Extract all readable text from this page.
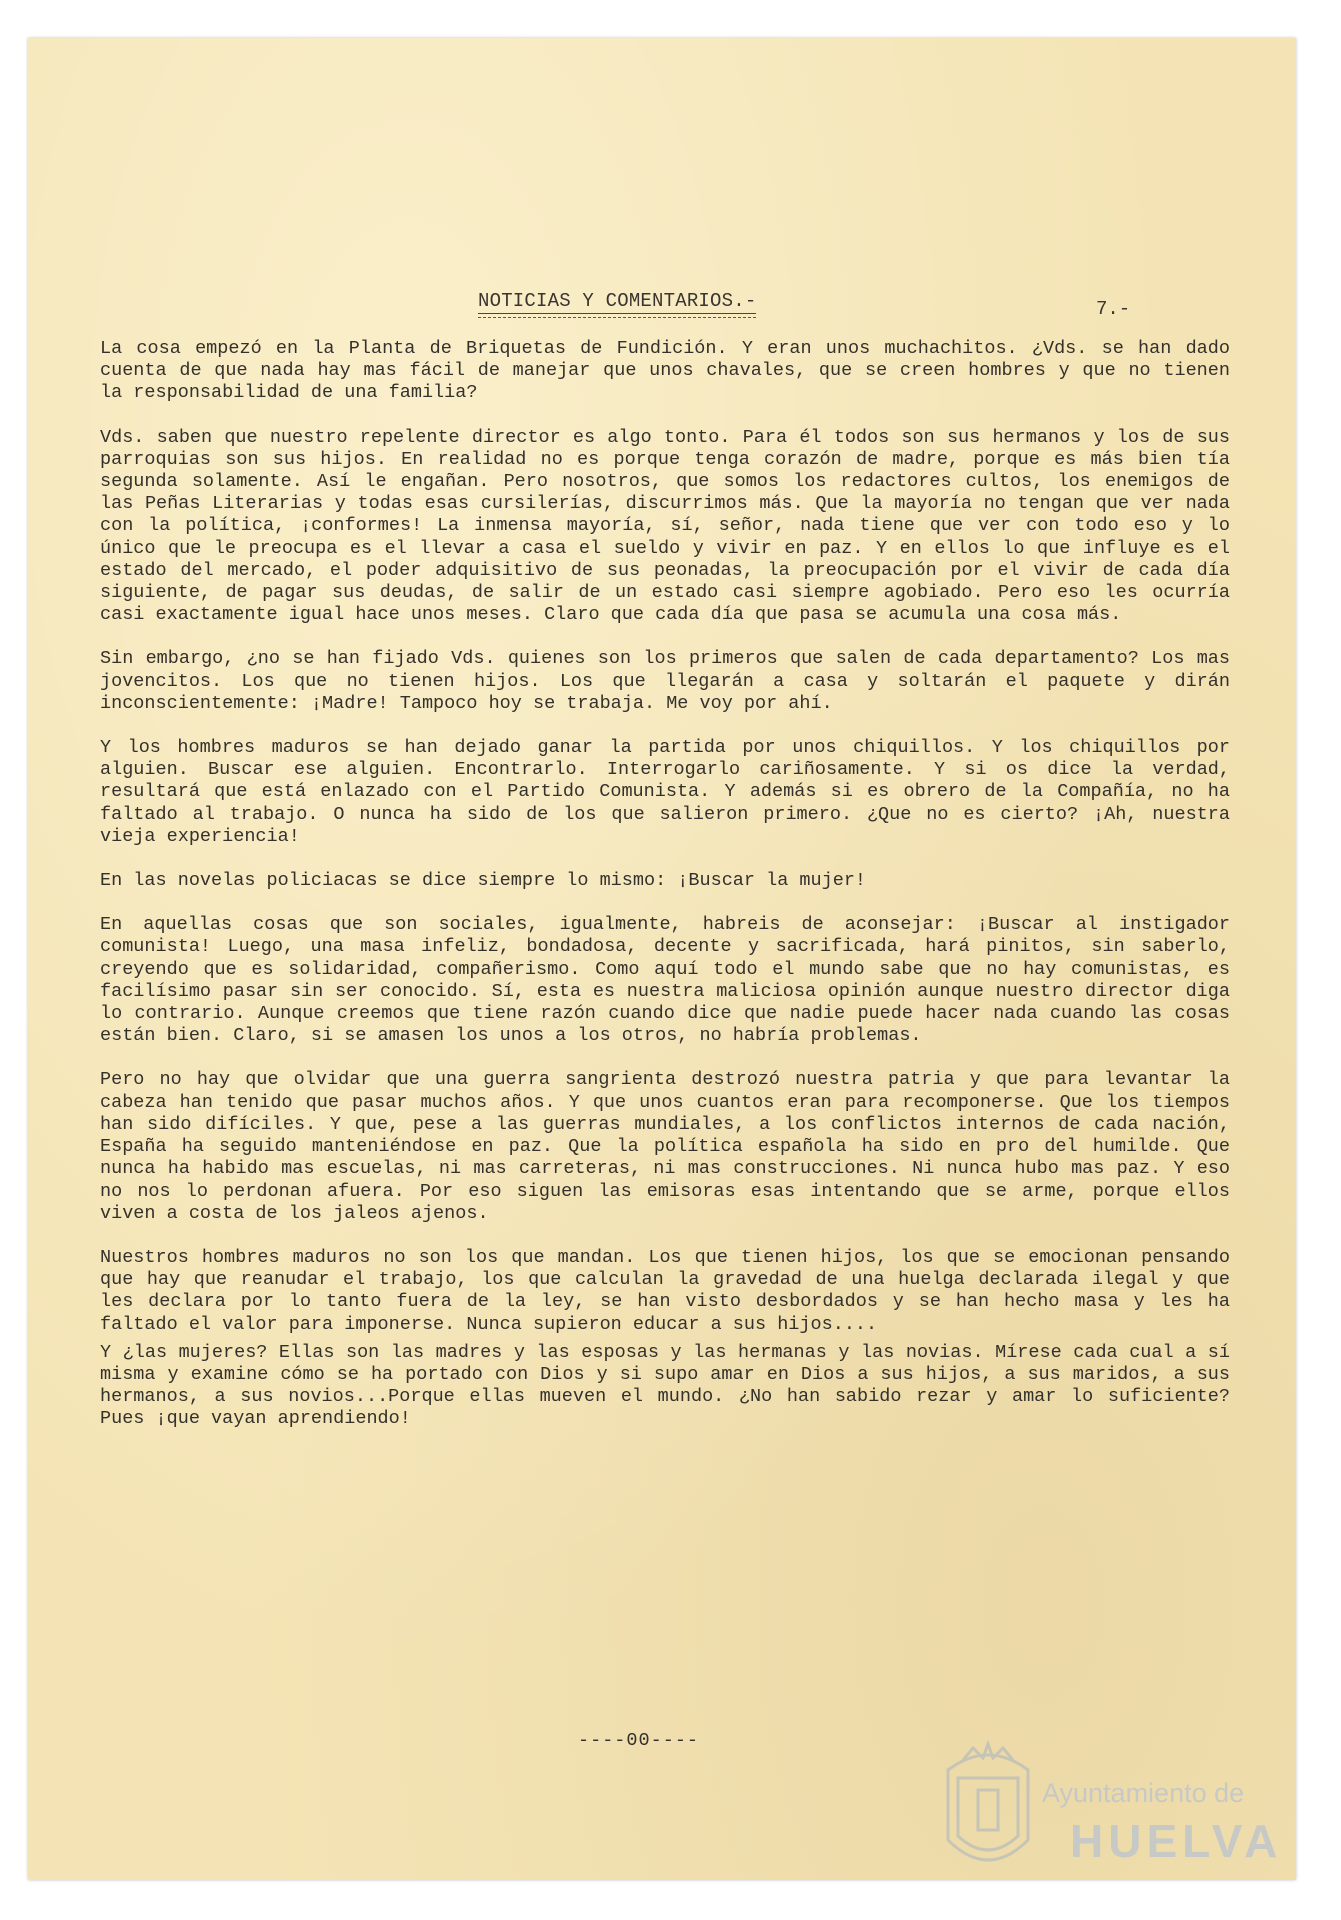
NOTICIAS Y COMENTARIOS.-	7.-

La cosa empezó en la Planta de Briquetas de Fundición. Y eran unos muchachitos. ¿Vds. se han dado cuenta de que nada hay mas fácil de manejar que unos chavales, que se creen hombres y que no tienen la responsabilidad de una familia?

Vds. saben que nuestro repelente director es algo tonto. Para él todos son sus hermanos y los de sus parroquias son sus hijos. En realidad no es porque tenga corazón de madre, porque es más bien tía segunda solamente. Así le engañan. Pero nosotros, que somos los redactores cultos, los enemigos de las Peñas Literarias y todas esas cursilerías, discurrimos más. Que la mayoría no tengan que ver nada con la política, ¡conformes! La inmensa mayoría, sí, señor, nada tiene que ver con todo eso y lo único que le preocupa es el llevar a casa el sueldo y vivir en paz. Y en ellos lo que influye es el estado del mercado, el poder adquisitivo de sus peonadas, la preocupación por el vivir de cada día siguiente, de pagar sus deudas, de salir de un estado casi siempre agobiado. Pero eso les ocurría casi exactamente igual hace unos meses. Claro que cada día que pasa se acumula una cosa más.

Sin embargo, ¿no se han fijado Vds. quienes son los primeros que salen de cada departamento? Los mas jovencitos. Los que no tienen hijos. Los que llegarán a casa y soltarán el paquete y dirán inconscientemente: ¡Madre! Tampoco hoy se trabaja. Me voy por ahí.

Y los hombres maduros se han dejado ganar la partida por unos chiquillos. Y los chiquillos por alguien. Buscar ese alguien. Encontrarlo. Interrogarlo cariñosamente. Y si os dice la verdad, resultará que está enlazado con el Partido Comunista. Y además si es obrero de la Compañía, no ha faltado al trabajo. O nunca ha sido de los que salieron primero. ¿Que no es cierto? ¡Ah, nuestra vieja experiencia!

En las novelas policiacas se dice siempre lo mismo: ¡Buscar la mujer!

En aquellas cosas que son sociales, igualmente, habreis de aconsejar: ¡Buscar al instigador comunista! Luego, una masa infeliz, bondadosa, decente y sacrificada, hará pinitos, sin saberlo, creyendo que es solidaridad, compañerismo. Como aquí todo el mundo sabe que no hay comunistas, es facilísimo pasar sin ser conocido. Sí, esta es nuestra maliciosa opinión aunque nuestro director diga lo contrario. Aunque creemos que tiene razón cuando dice que nadie puede hacer nada cuando las cosas están bien. Claro, si se amasen los unos a los otros, no habría problemas.

Pero no hay que olvidar que una guerra sangrienta destrozó nuestra patria y que para levantar la cabeza han tenido que pasar muchos años. Y que unos cuantos eran para recomponerse. Que los tiempos han sido difíciles. Y que, pese a las guerras mundiales, a los conflictos internos de cada nación, España ha seguido manteniéndose en paz. Que la política española ha sido en pro del humilde. Que nunca ha habido mas escuelas, ni mas carreteras, ni mas construcciones. Ni nunca hubo mas paz. Y eso no nos lo perdonan afuera. Por eso siguen las emisoras esas intentando que se arme, porque ellos viven a costa de los jaleos ajenos.

Nuestros hombres maduros no son los que mandan. Los que tienen hijos, los que se emocionan pensando que hay que reanudar el trabajo, los que calculan la gravedad de una huelga declarada ilegal y que les declara por lo tanto fuera de la ley, se han visto desbordados y se han hecho masa y les ha faltado el valor para imponerse. Nunca supieron educar a sus hijos....

Y ¿las mujeres? Ellas son las madres y las esposas y las hermanas y las novias. Mírese cada cual a sí misma y examine cómo se ha portado con Dios y si supo amar en Dios a sus hijos, a sus maridos, a sus hermanos, a sus novios...Porque ellas mueven el mundo. ¿No han sabido rezar y amar lo suficiente? Pues ¡que vayan aprendiendo!

----00----
Ayuntamiento de
HUELVA
